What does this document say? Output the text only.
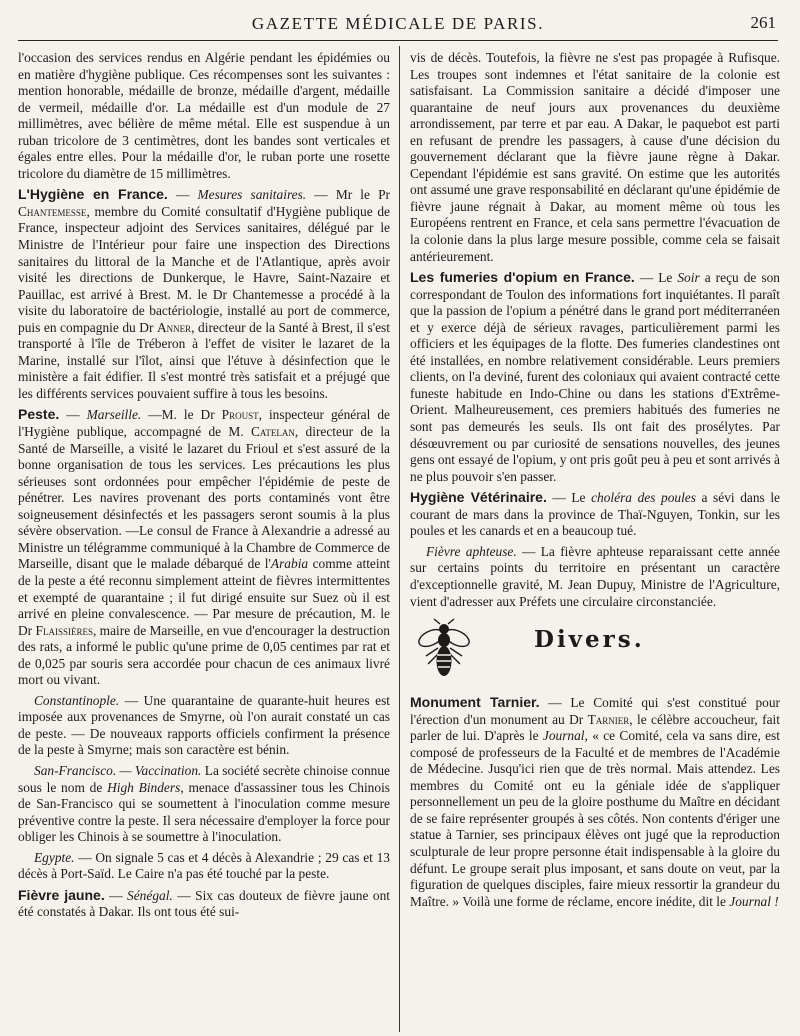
GAZETTE MÉDICALE DE PARIS.	261

l'occasion des services rendus en Algérie pendant les épidémies ou en matière d'hygiène publique. Ces récompenses sont les suivantes : mention honorable, médaille de bronze, médaille d'argent, médaille de vermeil, médaille d'or. La médaille est d'un module de 27 millimètres, avec bélière de même métal. Elle est suspendue à un ruban tricolore de 3 centimètres, dont les bandes sont verticales et égales entre elles. Pour la médaille d'or, le ruban porte une rosette tricolore du diamètre de 15 millimètres.

L'Hygiène en France. — Mesures sanitaires. — Mr le Pr Chantemesse, membre du Comité consultatif d'Hygiène publique de France, inspecteur adjoint des Services sanitaires, délégué par le Ministre de l'Intérieur pour faire une inspection des Directions sanitaires du littoral de la Manche et de l'Atlantique, après avoir visité les directions de Dunkerque, le Havre, Saint-Nazaire et Pauillac, est arrivé à Brest. M. le Dr Chantemesse a procédé à la visite du laboratoire de bactériologie, installé au port de commerce, puis en compagnie du Dr Anner, directeur de la Santé à Brest, il s'est transporté à l'île de Tréberon à l'effet de visiter le lazaret de la Marine, installé sur l'îlot, ainsi que l'étuve à désinfection que le ministère a fait édifier. Il s'est montré très satisfait et a préjugé que les différents services pouvaient suffire à tous les besoins.

Peste. — Marseille. —M. le Dr Proust, inspecteur général de l'Hygiène publique, accompagné de M. Catelan, directeur de la Santé de Marseille, a visité le lazaret du Frioul et s'est assuré de la bonne organisation de tous les services. Les précautions les plus sérieuses sont ordonnées pour empêcher l'épidémie de peste de pénétrer. Les navires provenant des ports contaminés vont être soigneusement désinfectés et les passagers seront soumis à la plus sévère observation. —Le consul de France à Alexandrie a adressé au Ministre un télégramme communiqué à la Chambre de Commerce de Marseille, disant que le malade débarqué de l'Arabia comme atteint de la peste a été reconnu simplement atteint de fièvres intermittentes et exempté de quarantaine ; il fut dirigé ensuite sur Suez où il est arrivé en pleine convalescence. — Par mesure de précaution, M. le Dr Flaissières, maire de Marseille, en vue d'encourager la destruction des rats, a informé le public qu'une prime de 0,05 centimes par rat et de 0,025 par souris sera accordée pour chacun de ces animaux livré mort ou vivant.

Constantinople. — Une quarantaine de quarante-huit heures est imposée aux provenances de Smyrne, où l'on aurait constaté un cas de peste. — De nouveaux rapports officiels confirment la présence de la peste à Smyrne; mais son caractère est bénin.

San-Francisco. — Vaccination. La société secrète chinoise connue sous le nom de High Binders, menace d'assassiner tous les Chinois de San-Francisco qui se soumettent à l'inoculation comme mesure préventive contre la peste. Il sera nécessaire d'employer la force pour obliger les Chinois à se soumettre à l'inoculation.

Egypte. — On signale 5 cas et 4 décès à Alexandrie ; 29 cas et 13 décès à Port-Saïd. Le Caire n'a pas été touché par la peste.

Fièvre jaune. — Sénégal. — Six cas douteux de fièvre jaune ont été constatés à Dakar. Ils ont tous été sui-

vis de décès. Toutefois, la fièvre ne s'est pas propagée à Rufisque. Les troupes sont indemnes et l'état sanitaire de la colonie est satisfaisant. La Commission sanitaire a décidé d'imposer une quarantaine de neuf jours aux provenances du deuxième arrondissement, par terre et par eau. A Dakar, le paquebot est parti en refusant de prendre les passagers, à cause d'une décision du gouvernement déclarant que la fièvre jaune règne à Dakar. Cependant l'épidémie est sans gravité. On estime que les autorités ont assumé une grave responsabilité en déclarant qu'une épidémie de fièvre jaune régnait à Dakar, au moment même où tous les Européens rentrent en France, et cela sans permettre l'évacuation de la colonie dans la plus large mesure possible, comme cela se faisait antérieurement.

Les fumeries d'opium en France. — Le Soir a reçu de son correspondant de Toulon des informations fort inquiétantes. Il paraît que la passion de l'opium a pénétré dans le grand port méditerranéen et y exerce déjà de sérieux ravages, particulièrement parmi les officiers et les équipages de la flotte. Des fumeries clandestines ont été installées, en nombre relativement considérable. Leurs premiers clients, on l'a deviné, furent des coloniaux qui avaient contracté cette funeste habitude en Indo-Chine ou dans les stations d'Extrême-Orient. Malheureusement, ces premiers habitués des fumeries ne sont pas demeurés les seuls. Ils ont fait des prosélytes. Par désœuvrement ou par curiosité de sensations nouvelles, des jeunes gens ont essayé de l'opium, y ont pris goût peu à peu et sont arrivés à ne plus pouvoir s'en passer.

Hygiène Vétérinaire. — Le choléra des poules a sévi dans le courant de mars dans la province de Thaï-Nguyen, Tonkin, sur les poules et les canards et en a beaucoup tué.

Fièvre aphteuse. — La fièvre aphteuse reparaissant cette année sur certains points du territoire en présentant un caractère d'exceptionnelle gravité, M. Jean Dupuy, Ministre de l'Agriculture, vient d'adresser aux Préfets une circulaire circonstanciée.

Divers.

Monument Tarnier. — Le Comité qui s'est constitué pour l'érection d'un monument au Dr Tarnier, le célèbre accoucheur, fait parler de lui. D'après le Journal, « ce Comité, cela va sans dire, est composé de professeurs de la Faculté et de membres de l'Académie de Médecine. Jusqu'ici rien que de très normal. Mais attendez. Les membres du Comité ont eu la géniale idée de s'appliquer personnellement un peu de la gloire posthume du Maître en décidant de se faire représenter groupés à ses côtés. Non contents d'ériger une statue à Tarnier, ses principaux élèves ont jugé que la reproduction sculpturale de leur propre personne était indispensable à la gloire du défunt. Le groupe serait plus imposant, et sans doute on veut, par la figuration de quelques disciples, faire mieux ressortir la grandeur du Maître. » Voilà une forme de réclame, encore inédite, dit le Journal !
